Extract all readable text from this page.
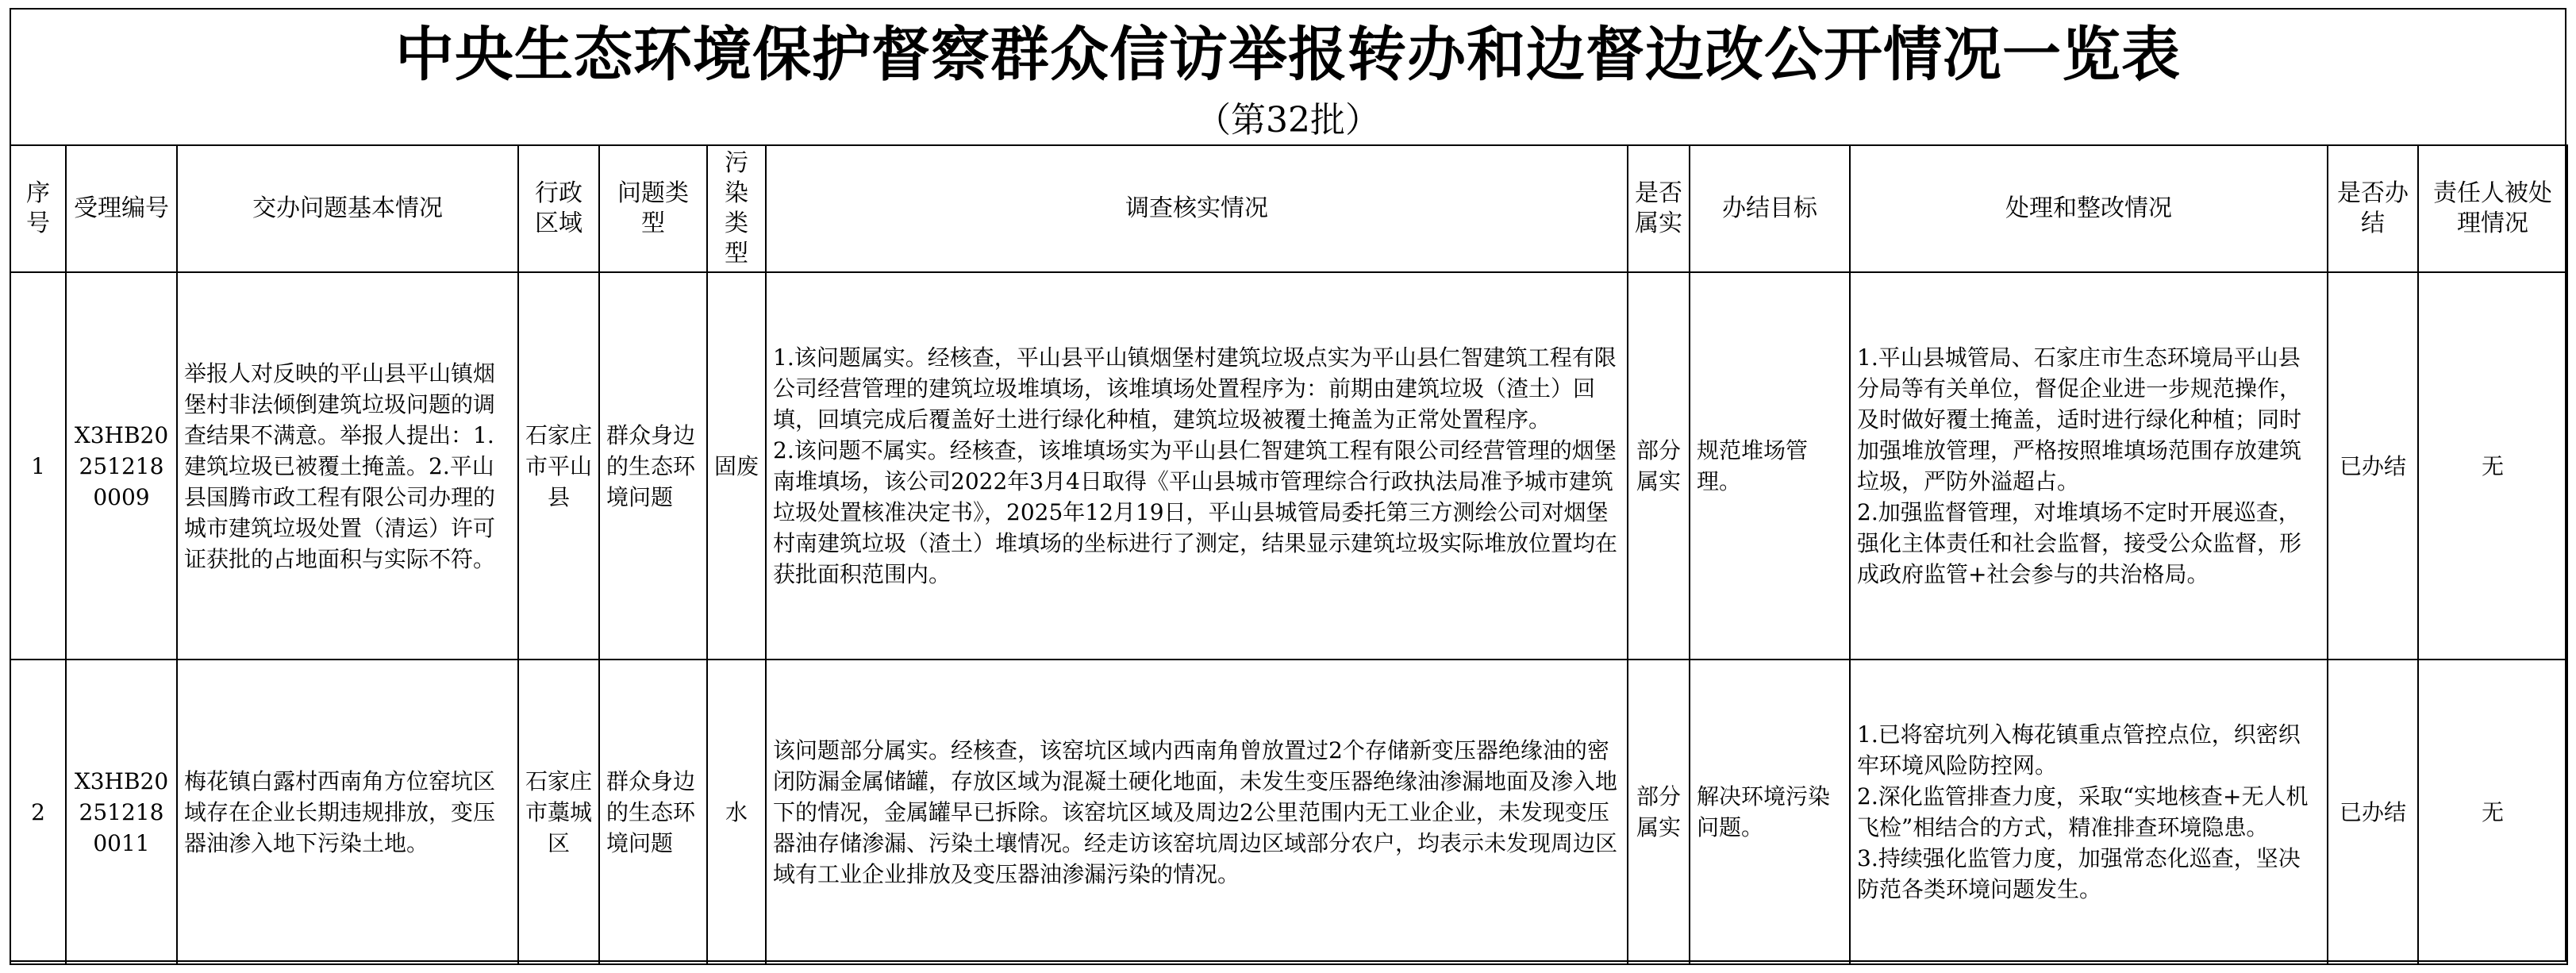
中央生态环境保护督察群众信访举报转办和边督边改公开情况一览表
（第32批）
序号	受理编号	交办问题基本情况	行政区域	问题类型	污染类型	调查核实情况	是否属实	办结目标	处理和整改情况	是否办结	责任人被处理情况
1	X3HB202512180009	举报人对反映的平山县平山镇烟堡村非法倾倒建筑垃圾问题的调查结果不满意。举报人提出：1.建筑垃圾已被覆土掩盖。2.平山县国腾市政工程有限公司办理的城市建筑垃圾处置（清运）许可证获批的占地面积与实际不符。	石家庄市平山县	群众身边的生态环境问题	固废	1.该问题属实。经核查，平山县平山镇烟堡村建筑垃圾点实为平山县仁智建筑工程有限公司经营管理的建筑垃圾堆填场，该堆填场处置程序为：前期由建筑垃圾（渣土）回填，回填完成后覆盖好土进行绿化种植，建筑垃圾被覆土掩盖为正常处置程序。
2.该问题不属实。经核查，该堆填场实为平山县仁智建筑工程有限公司经营管理的烟堡南堆填场，该公司2022年3月4日取得《平山县城市管理综合行政执法局准予城市建筑垃圾处置核准决定书》，2025年12月19日，平山县城管局委托第三方测绘公司对烟堡村南建筑垃圾（渣土）堆填场的坐标进行了测定，结果显示建筑垃圾实际堆放位置均在获批面积范围内。	部分属实	规范堆场管理。	1.平山县城管局、石家庄市生态环境局平山县分局等有关单位，督促企业进一步规范操作，及时做好覆土掩盖，适时进行绿化种植；同时加强堆放管理，严格按照堆填场范围存放建筑垃圾，严防外溢超占。
2.加强监督管理，对堆填场不定时开展巡查，强化主体责任和社会监督，接受公众监督，形成政府监管+社会参与的共治格局。	已办结	无
2	X3HB202512180011	梅花镇白露村西南角方位窑坑区域存在企业长期违规排放，变压器油渗入地下污染土地。	石家庄市藁城区	群众身边的生态环境问题	水	该问题部分属实。经核查，该窑坑区域内西南角曾放置过2个存储新变压器绝缘油的密闭防漏金属储罐，存放区域为混凝土硬化地面，未发生变压器绝缘油渗漏地面及渗入地下的情况，金属罐早已拆除。该窑坑区域及周边2公里范围内无工业企业，未发现变压器油存储渗漏、污染土壤情况。经走访该窑坑周边区域部分农户，均表示未发现周边区域有工业企业排放及变压器油渗漏污染的情况。	部分属实	解决环境污染问题。	1.已将窑坑列入梅花镇重点管控点位，织密织牢环境风险防控网。
2.深化监管排查力度，采取“实地核查+无人机飞检”相结合的方式，精准排查环境隐患。
3.持续强化监管力度，加强常态化巡查，坚决防范各类环境问题发生。	已办结	无
